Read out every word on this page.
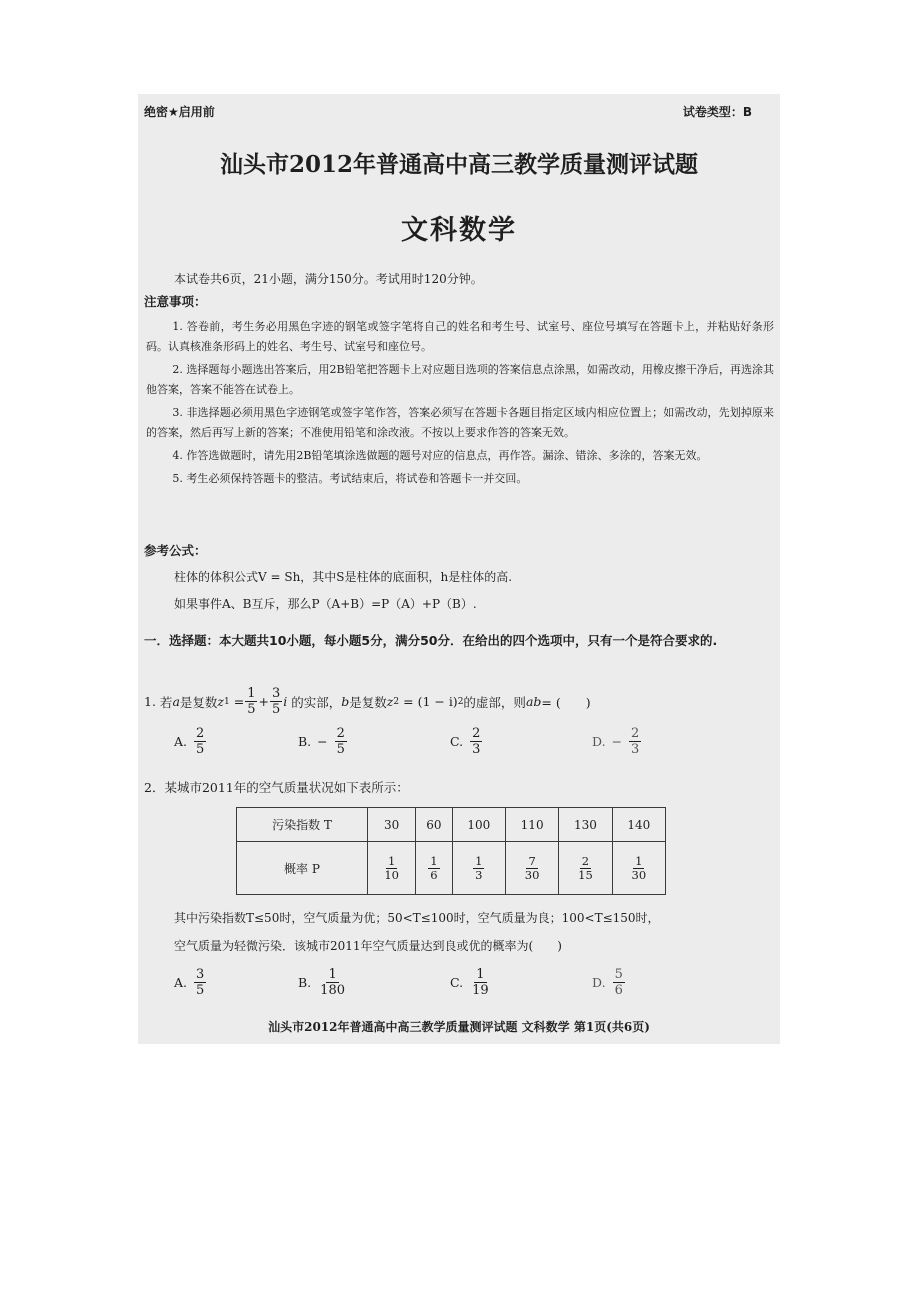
绝密★启用前	试卷类型：B
汕头市2012年普通高中高三教学质量测评试题
文科数学
本试卷共6页，21小题，满分150分。考试用时120分钟。
注意事项：

1. 答卷前，考生务必用黑色字迹的钢笔或签字笔将自己的姓名和考生号、试室号、座位号填写在答题卡上，并粘贴好条形码。认真核准条形码上的姓名、考生号、试室号和座位号。

2. 选择题每小题选出答案后，用2B铅笔把答题卡上对应题目选项的答案信息点涂黑，如需改动，用橡皮擦干净后，再选涂其他答案，答案不能答在试卷上。

3. 非选择题必须用黑色字迹钢笔或签字笔作答，答案必须写在答题卡各题目指定区域内相应位置上；如需改动，先划掉原来的答案，然后再写上新的答案；不准使用铅笔和涂改液。不按以上要求作答的答案无效。

4. 作答选做题时，请先用2B铅笔填涂选做题的题号对应的信息点，再作答。漏涂、错涂、多涂的，答案无效。

5. 考生必须保持答题卡的整洁。考试结束后，将试卷和答题卡一并交回。

参考公式：
柱体的体积公式V = Sh，其中S是柱体的底面积，h是柱体的高.
如果事件A、B互斥，那么P（A+B）=P（A）+P（B）.
一．选择题：本大题共10小题，每小题5分，满分50分．在给出的四个选项中，只有一个是符合要求的.
1.
若 a 是复数 z 1
= $\frac{1}{5} + \frac{3}{5}$ i
的实部， b 是复数 z 2
=
(1 − i) 2 的虚部，则 ab = (　　)
A. $\frac{2}{5}$	B. − $\frac{2}{5}$	C. $\frac{2}{3}$	D. − $\frac{2}{3}$
2．某城市2011年的空气质量状况如下表所示：
污染指数 T	30	60	100	110	130	140
概率 P	$\frac{1}{10}$	$\frac{1}{6}$	$\frac{1}{3}$	$\frac{7}{30}$	$\frac{2}{15}$	$\frac{1}{30}$
其中污染指数T≤50时，空气质量为优；50<T≤100时，空气质量为良；100<T≤150时，
空气质量为轻微污染．该城市2011年空气质量达到良或优的概率为(　　)
A. $\frac{3}{5}$	B. $\frac{1}{180}$	C. $\frac{1}{19}$	D. $\frac{5}{6}$
汕头市2012年普通高中高三教学质量测评试题 文科数学 第1页(共6页)
